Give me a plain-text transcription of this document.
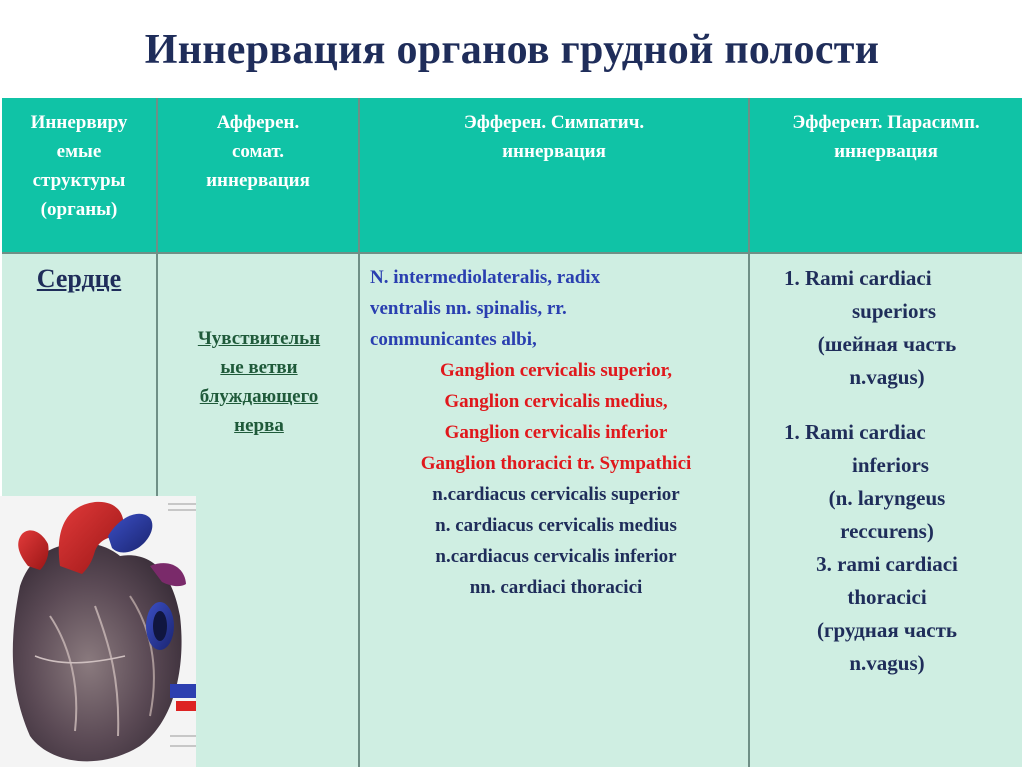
Иннервация органов грудной полости
Иннервиру
емые
структуры
(органы)
Афферен.
сомат.
иннервация
Эфферен. Симпатич.
иннервация
Эфферент. Парасимп.
иннервация
Сердце
Чувствительн
ые ветви
блуждающего
нерва
N. intermediolateralis, radix
ventralis nn. spinalis, rr.
communicantes albi,
Ganglion cervicalis superior,
Ganglion cervicalis medius,
Ganglion cervicalis inferior
Ganglion thoracici tr. Sympathici
n.cardiacus cervicalis superior
n. cardiacus cervicalis medius
n.cardiacus cervicalis inferior
nn. cardiaci thoracici
1. Rami cardiaci
superiors
(шейная часть
n.vagus)
1. Rami cardiac
inferiors
(n. laryngeus
reccurens)
3. rami cardiaci
thoracici
(грудная часть
n.vagus)
